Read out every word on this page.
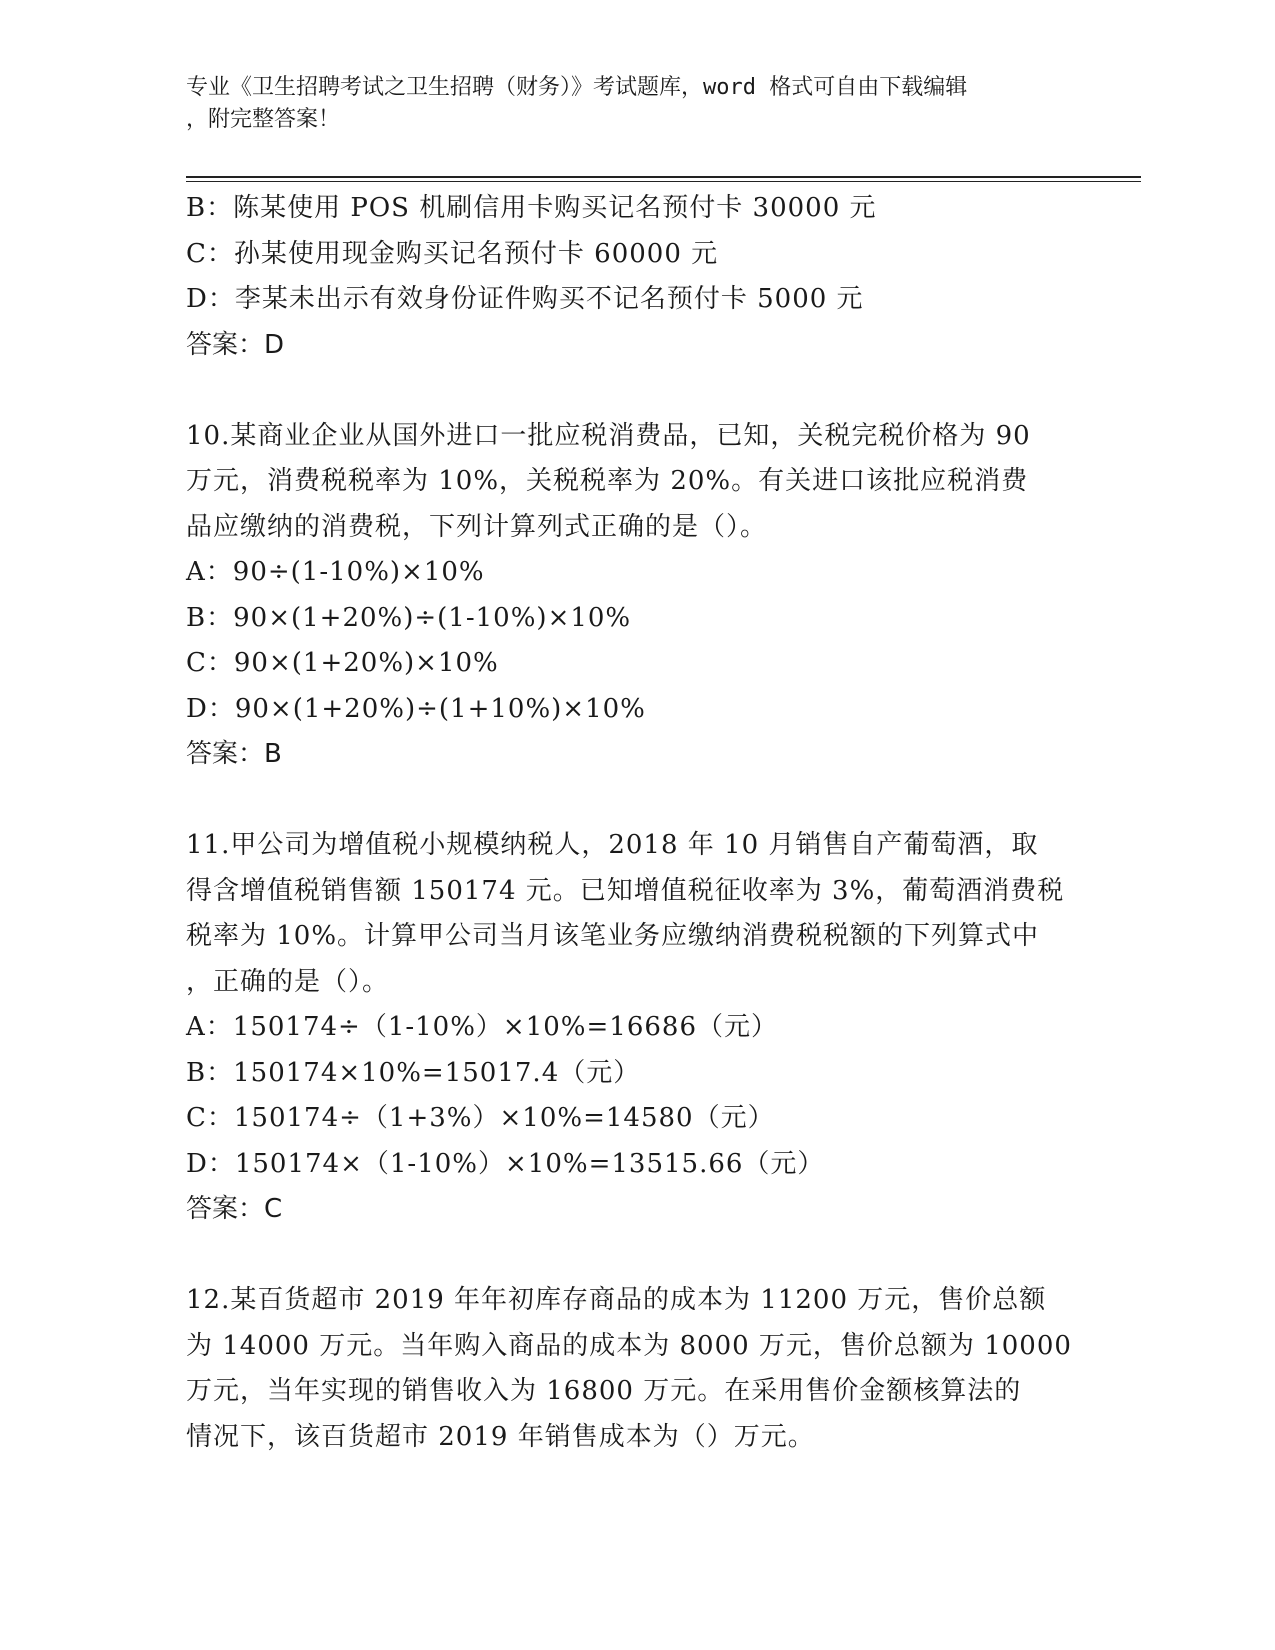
专业《卫生招聘考试之卫生招聘（财务）》考试题库，word 格式可自由下载编辑
，附完整答案！
B：陈某使用 POS 机刷信用卡购买记名预付卡 30000 元
C：孙某使用现金购买记名预付卡 60000 元
D：李某未出示有效身份证件购买不记名预付卡 5000 元
答案：D
10.某商业企业从国外进口一批应税消费品，已知，关税完税价格为 90
万元，消费税税率为 10%，关税税率为 20%。有关进口该批应税消费
品应缴纳的消费税，下列计算列式正确的是（）。
A：90÷(1-10%)×10%
B：90×(1+20%)÷(1-10%)×10%
C：90×(1+20%)×10%
D：90×(1+20%)÷(1+10%)×10%
答案：B
11.甲公司为增值税小规模纳税人，2018 年 10 月销售自产葡萄酒，取
得含增值税销售额 150174 元。已知增值税征收率为 3%，葡萄酒消费税
税率为 10%。计算甲公司当月该笔业务应缴纳消费税税额的下列算式中
，正确的是（）。
A：150174÷（1-10%）×10%=16686（元）
B：150174×10%=15017.4（元）
C：150174÷（1+3%）×10%=14580（元）
D：150174×（1-10%）×10%=13515.66（元）
答案：C
12.某百货超市 2019 年年初库存商品的成本为 11200 万元，售价总额
为 14000 万元。当年购入商品的成本为 8000 万元，售价总额为 10000
万元，当年实现的销售收入为 16800 万元。在采用售价金额核算法的
情况下，该百货超市 2019 年销售成本为（）万元。
